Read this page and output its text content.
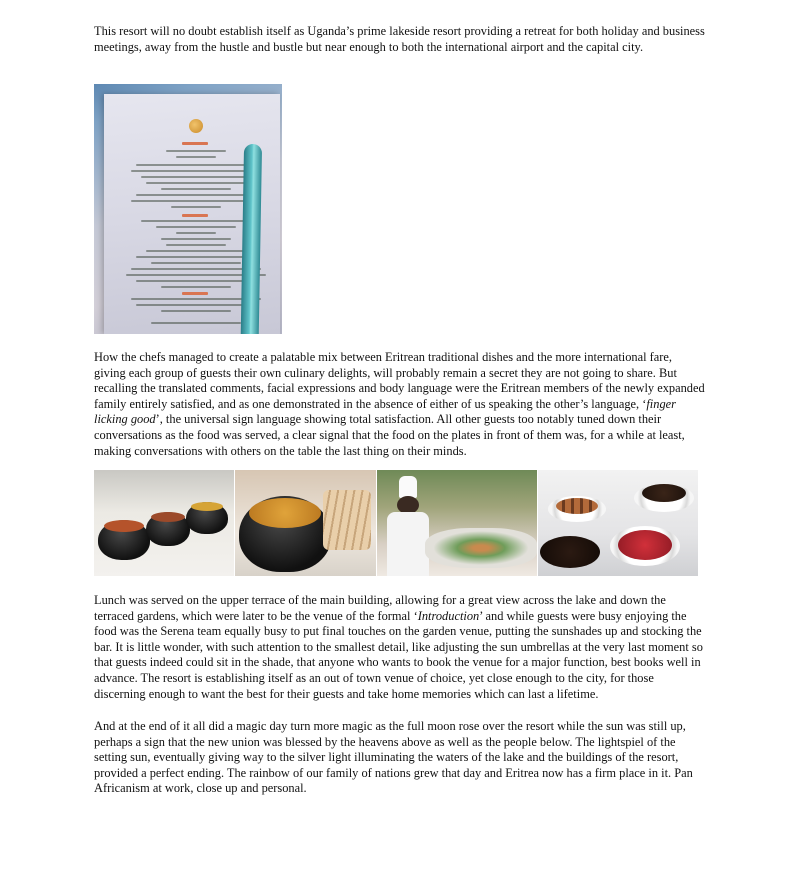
This resort will no doubt establish itself as Uganda’s prime lakeside resort providing a retreat for both holiday and business meetings, away from the hustle and bustle but near enough to both the international airport and the capital city.

How the chefs managed to create a palatable mix between Eritrean traditional dishes and the more international fare, giving each group of guests their own culinary delights, will probably remain a secret they are not going to share. But recalling the translated comments, facial expressions and body language were the Eritrean members of the newly expanded family entirely satisfied, and as one demonstrated in the absence of either of us speaking the other’s language, ‘finger licking good’, the universal sign language showing total satisfaction. All other guests too notably tuned down their conversations as the food was served, a clear signal that the food on the plates in front of them was, for a while at least, making conversations with others on the table the last thing on their minds.

Lunch was served on the upper terrace of the main building, allowing for a great view across the lake and down the terraced gardens, which were later to be the venue of the formal ‘Introduction’ and while guests were busy enjoying the food was the Serena team equally busy to put final touches on the garden venue, putting the sunshades up and stocking the bar. It is little wonder, with such attention to the smallest detail, like adjusting the sun umbrellas at the very last moment so that guests indeed could sit in the shade, that anyone who wants to book the venue for a major function, best books well in advance. The resort is establishing itself as an out of town venue of choice, yet close enough to the city, for those discerning enough to want the best for their guests and take home memories which can last a lifetime.

And at the end of it all did a magic day turn more magic as the full moon rose over the resort while the sun was still up, perhaps a sign that the new union was blessed by the heavens above as well as the people below. The lightspiel of the setting sun, eventually giving way to the silver light illuminating the waters of the lake and the buildings of the resort, provided a perfect ending. The rainbow of our family of nations grew that day and Eritrea now has a firm place in it. Pan Africanism at work, close up and personal.
